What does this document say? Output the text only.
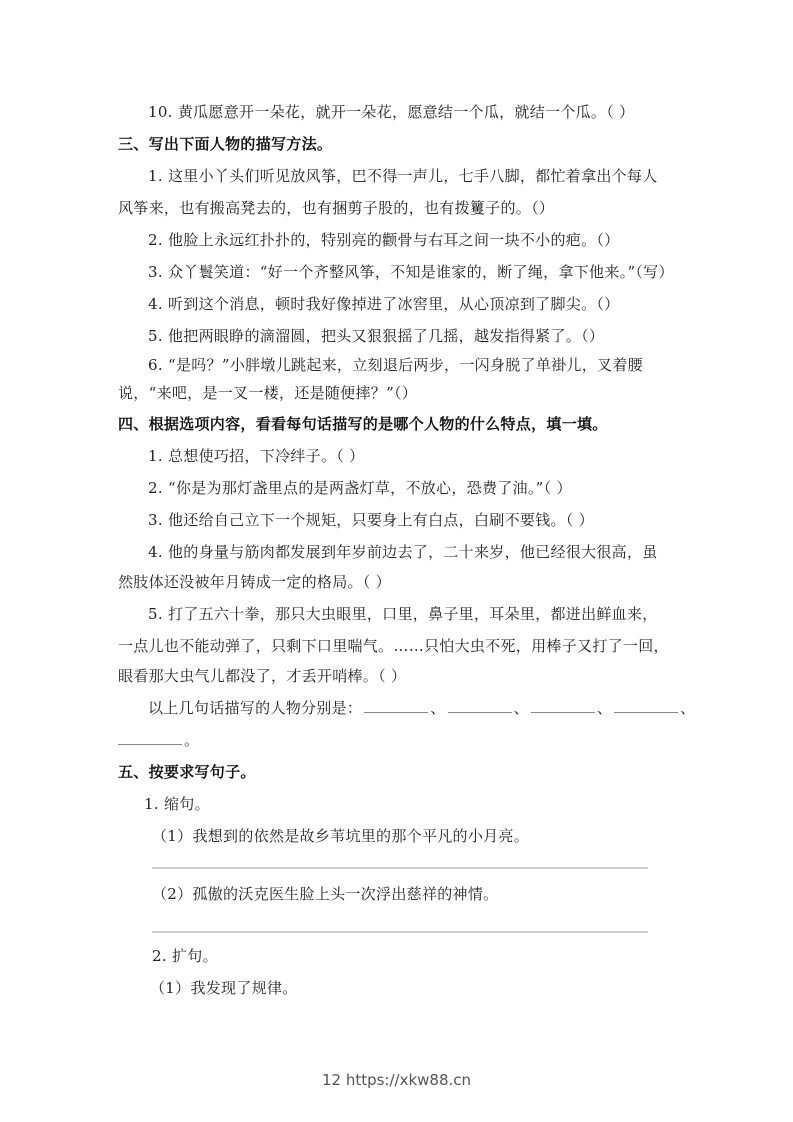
10. 黄瓜愿意开一朵花，就开一朵花，愿意结一个瓜，就结一个瓜。（ ）
三、写出下面人物的描写方法。
1. 这里小丫头们听见放风筝，巴不得一声儿，七手八脚，都忙着拿出个每人
风筝来，也有搬高凳去的，也有捆剪子股的，也有拨籰子的。（）
2. 他脸上永远红扑扑的，特别亮的颧骨与右耳之间一块不小的疤。（）
3. 众丫鬟笑道：“好一个齐整风筝，不知是谁家的，断了绳，拿下他来。”（写）
4. 听到这个消息，顿时我好像掉进了冰窖里，从心顶凉到了脚尖。（）
5. 他把两眼睁的滴溜圆，把头又狠狠摇了几摇，越发指得紧了。（）
6. “是吗？”小胖墩儿跳起来，立刻退后两步，一闪身脱了单褂儿，叉着腰
说，“来吧，是一叉一楼，还是随便摔？”（）
四、根据选项内容，看看每句话描写的是哪个人物的什么特点，填一填。
1. 总想使巧招，下冷绊子。（ ）
2. “你是为那灯盏里点的是两盏灯草，不放心，恐费了油。”（ ）
3. 他还给自己立下一个规矩，只要身上有白点，白刷不要钱。（ ）
4. 他的身量与筋肉都发展到年岁前边去了，二十来岁，他已经很大很高，虽
然肢体还没被年月铸成一定的格局。（ ）
5. 打了五六十拳，那只大虫眼里，口里，鼻子里，耳朵里，都迸出鲜血来，
一点儿也不能动弹了，只剩下口里喘气。……只怕大虫不死，用棒子又打了一回，
眼看那大虫气儿都没了，才丢开哨棒。（ ）
以上几句话描写的人物分别是：	、	、	、	、
。
五、按要求写句子。
1. 缩句。
（1）我想到的依然是故乡苇坑里的那个平凡的小月亮。
（2）孤傲的沃克医生脸上头一次浮出慈祥的神情。
2. 扩句。
（1）我发现了规律。
12 https://xkw88.cn
